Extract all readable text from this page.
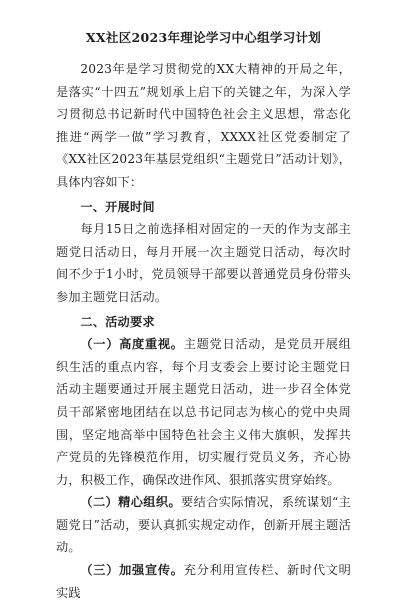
XX社区2023年理论学习中心组学习计划

2023年是学习贯彻党的XX大精神的开局之年，是落实“十四五”规划承上启下的关键之年，为深入学习贯彻总书记新时代中国特色社会主义思想，常态化推进“两学一做”学习教育，XXXX社区党委制定了《XX社区2023年基层党组织“主题党日”活动计划》，具体内容如下：

一、开展时间

每月15日之前选择相对固定的一天的作为支部主题党日活动日，每月开展一次主题党日活动，每次时间不少于1小时，党员领导干部要以普通党员身份带头参加主题党日活动。

二、活动要求

（一）高度重视。主题党日活动，是党员开展组织生活的重点内容，每个月支委会上要讨论主题党日活动主题要通过开展主题党日活动，进一步召全体党员干部紧密地团结在以总书记同志为核心的党中央周围，坚定地高举中国特色社会主义伟大旗帜，发挥共产党员的先锋模范作用，切实履行党员义务，齐心协力，积极工作，确保改进作风、狠抓落实贯穿始终。

（二）精心组织。要结合实际情况，系统谋划“主题党日”活动，要认真抓实规定动作，创新开展主题活动。

（三）加强宣传。充分利用宣传栏、新时代文明实践
